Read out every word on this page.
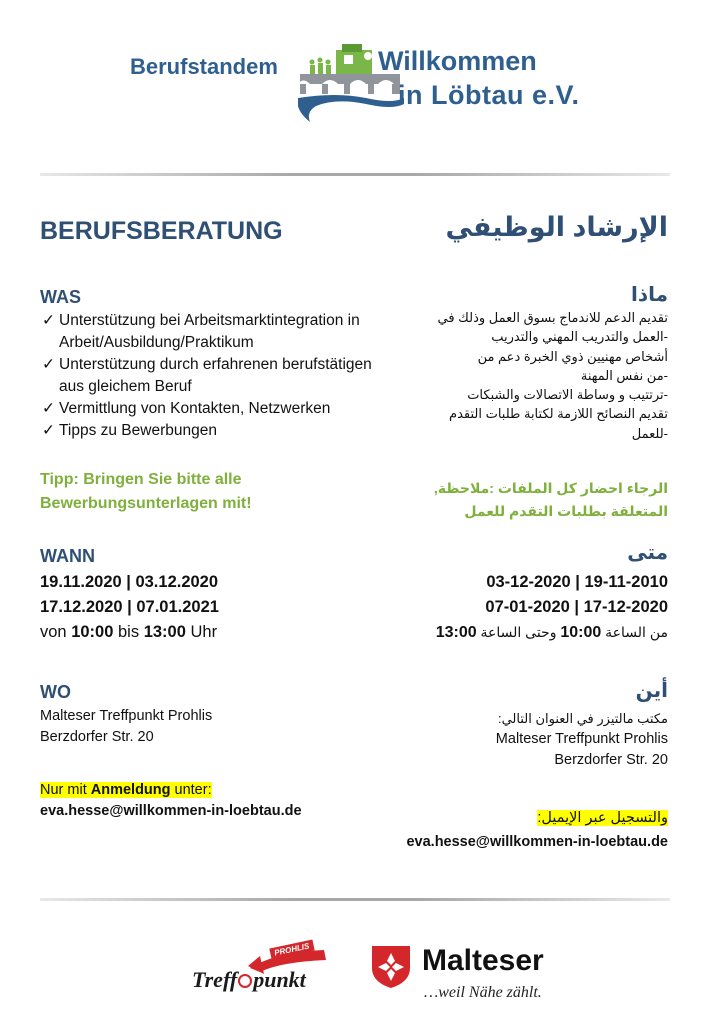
Berufstandem	Willkommen
in Löbtau e.V.
BERUFSBERATUNG	الإرشاد الوظيفي
WAS	ماذا
✓ Unterstützung bei Arbeitsmarktintegration in Arbeit/Ausbildung/Praktikum
✓ Unterstützung durch erfahrenen berufstätigen aus gleichem Beruf
✓ Vermittlung von Kontakten, Netzwerken
✓ Tipps zu Bewerbungen
تقديم الدعم للاندماج بسوق العمل وذلك في
-العمل والتدريب المهني والتدريب
أشخاص مهنيين ذوي الخبرة دعم من
-من نفس المهنة
-ترتتيب و وساطة الاتصالات والشبكات
تقديم النصائح اللازمة لكتابة طلبات التقدم
-للعمل
Tipp: Bringen Sie bitte alle Bewerbungsunterlagen mit!
الرجاء احضار كل الملفات :ملاحظة,
المتعلقة بطلبات التقدم للعمل
WANN	متى
19.11.2020 | 03.12.2020
17.12.2020 | 07.01.2021
von 10:00 bis 13:00 Uhr
03-12-2020 | 19-11-2010
07-01-2020 | 17-12-2020
من الساعة 10:00 وحتى الساعة 13:00
WO	أين
Malteser Treffpunkt Prohlis
Berzdorfer Str. 20
مكتب مالتيزر في العنوان التالي:
Malteser Treffpunkt Prohlis
Berzdorfer Str. 20
Nur mit Anmeldung unter:
eva.hesse@willkommen-in-loebtau.de	والتسجيل عبر الإيميل:
eva.hesse@willkommen-in-loebtau.de
PROHLIS
Treff punkt
Malteser
…weil Nähe zählt.
